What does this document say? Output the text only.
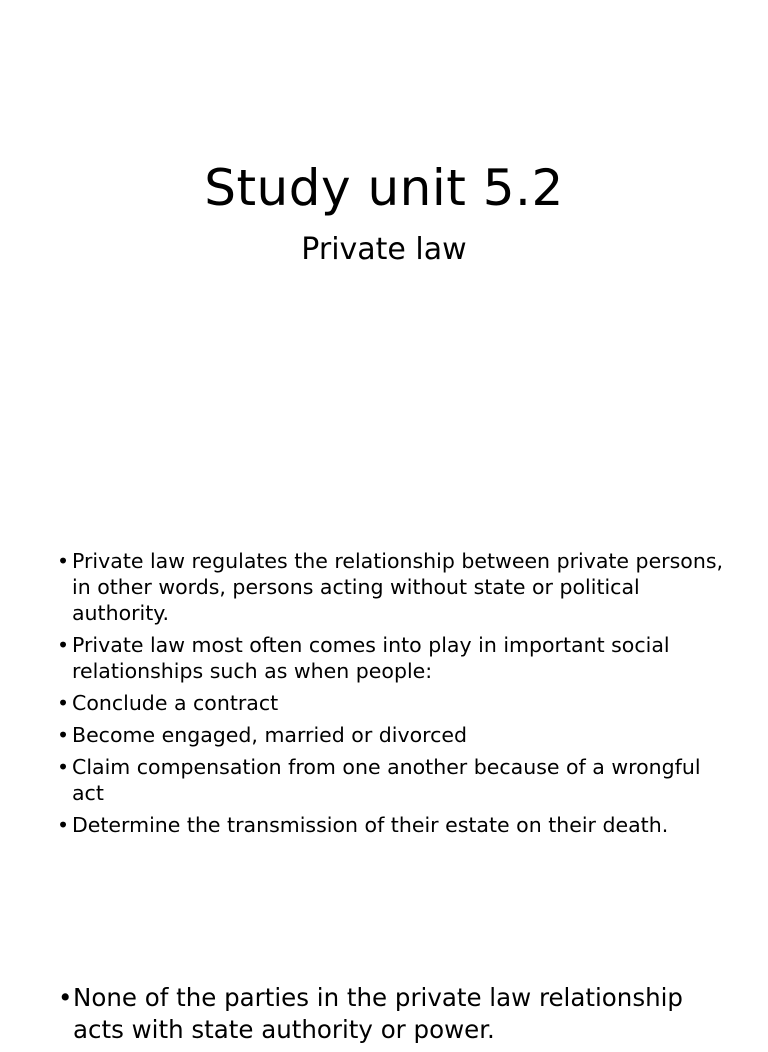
Study unit 5.2
Private law
• Private law regulates the relationship between private persons, in other words, persons acting without state or political authority.
• Private law most often comes into play in important social relationships such as when people:
• Conclude a contract
• Become engaged, married or divorced
• Claim compensation from one another because of a wrongful act
• Determine the transmission of their estate on their death.
• None of the parties in the private law relationship acts with state authority or power.
